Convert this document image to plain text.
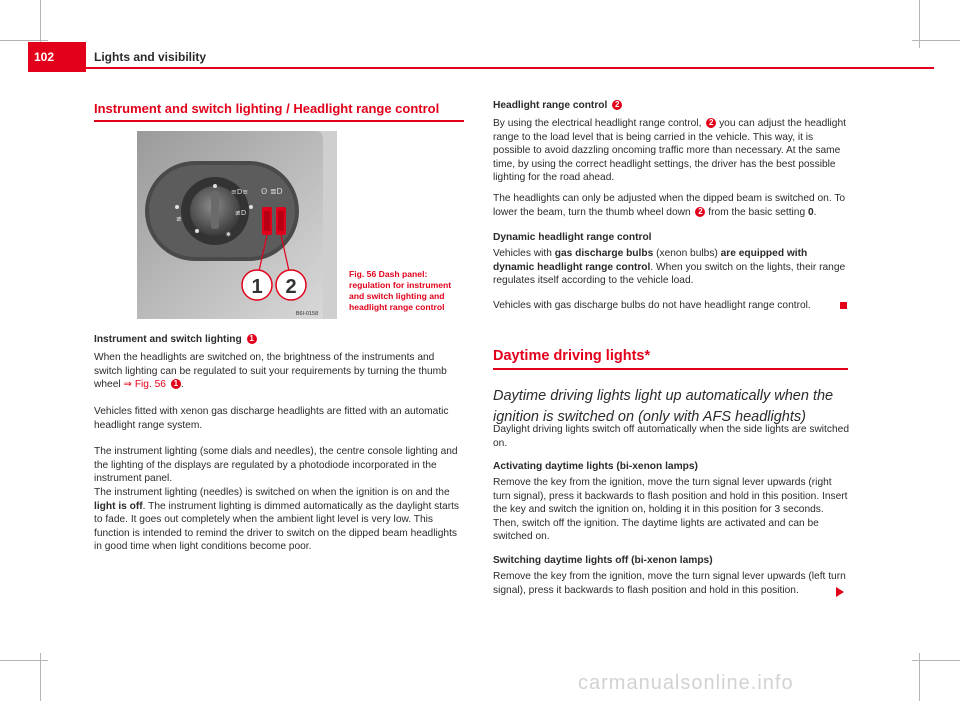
102	Lights and visibility
Instrument and switch lighting / Headlight range control
≡D≡
≢
≢D
✷
ʘ ≣D
1 2
B6I-0158
Fig. 56 Dash panel: regulation for instrument and switch lighting and headlight range control
Instrument and switch lighting 1

When the headlights are switched on, the brightness of the instruments and switch lighting can be regulated to suit your requirements by turning the thumb wheel ⇒ Fig. 56 1 .

Vehicles fitted with xenon gas discharge headlights are fitted with an automatic headlight range system.

The instrument lighting (some dials and needles), the centre console lighting and the lighting of the displays are regulated by a photodiode incorporated in the instrument panel.

The instrument lighting (needles) is switched on when the ignition is on and the light is off. The instrument lighting is dimmed automatically as the daylight starts to fade. It goes out completely when the ambient light level is very low. This function is intended to remind the driver to switch on the dipped beam headlights in good time when light conditions become poor.

Headlight range control 2

By using the electrical headlight range control, 2 you can adjust the headlight range to the load level that is being carried in the vehicle. This way, it is possible to avoid dazzling oncoming traffic more than necessary. At the same time, by using the correct headlight settings, the driver has the best possible lighting for the road ahead.

The headlights can only be adjusted when the dipped beam is switched on. To lower the beam, turn the thumb wheel down 2 from the basic setting 0.

Dynamic headlight range control

Vehicles with gas discharge bulbs (xenon bulbs) are equipped with dynamic headlight range control. When you switch on the lights, their range regulates itself according to the vehicle load.

Vehicles with gas discharge bulbs do not have headlight range control.

Daytime driving lights*

Daytime driving lights light up automatically when the ignition is switched on (only with AFS headlights)

Daylight driving lights switch off automatically when the side lights are switched on.

Activating daytime lights (bi-xenon lamps)

Remove the key from the ignition, move the turn signal lever upwards (right turn signal), press it backwards to flash position and hold in this position. Insert the key and switch the ignition on, holding it in this position for 3 seconds. Then, switch off the ignition. The daytime lights are activated and can be switched on.

Switching daytime lights off (bi-xenon lamps)

Remove the key from the ignition, move the turn signal lever upwards (left turn signal), press it backwards to flash position and hold in this position.

carmanualsonline.info
